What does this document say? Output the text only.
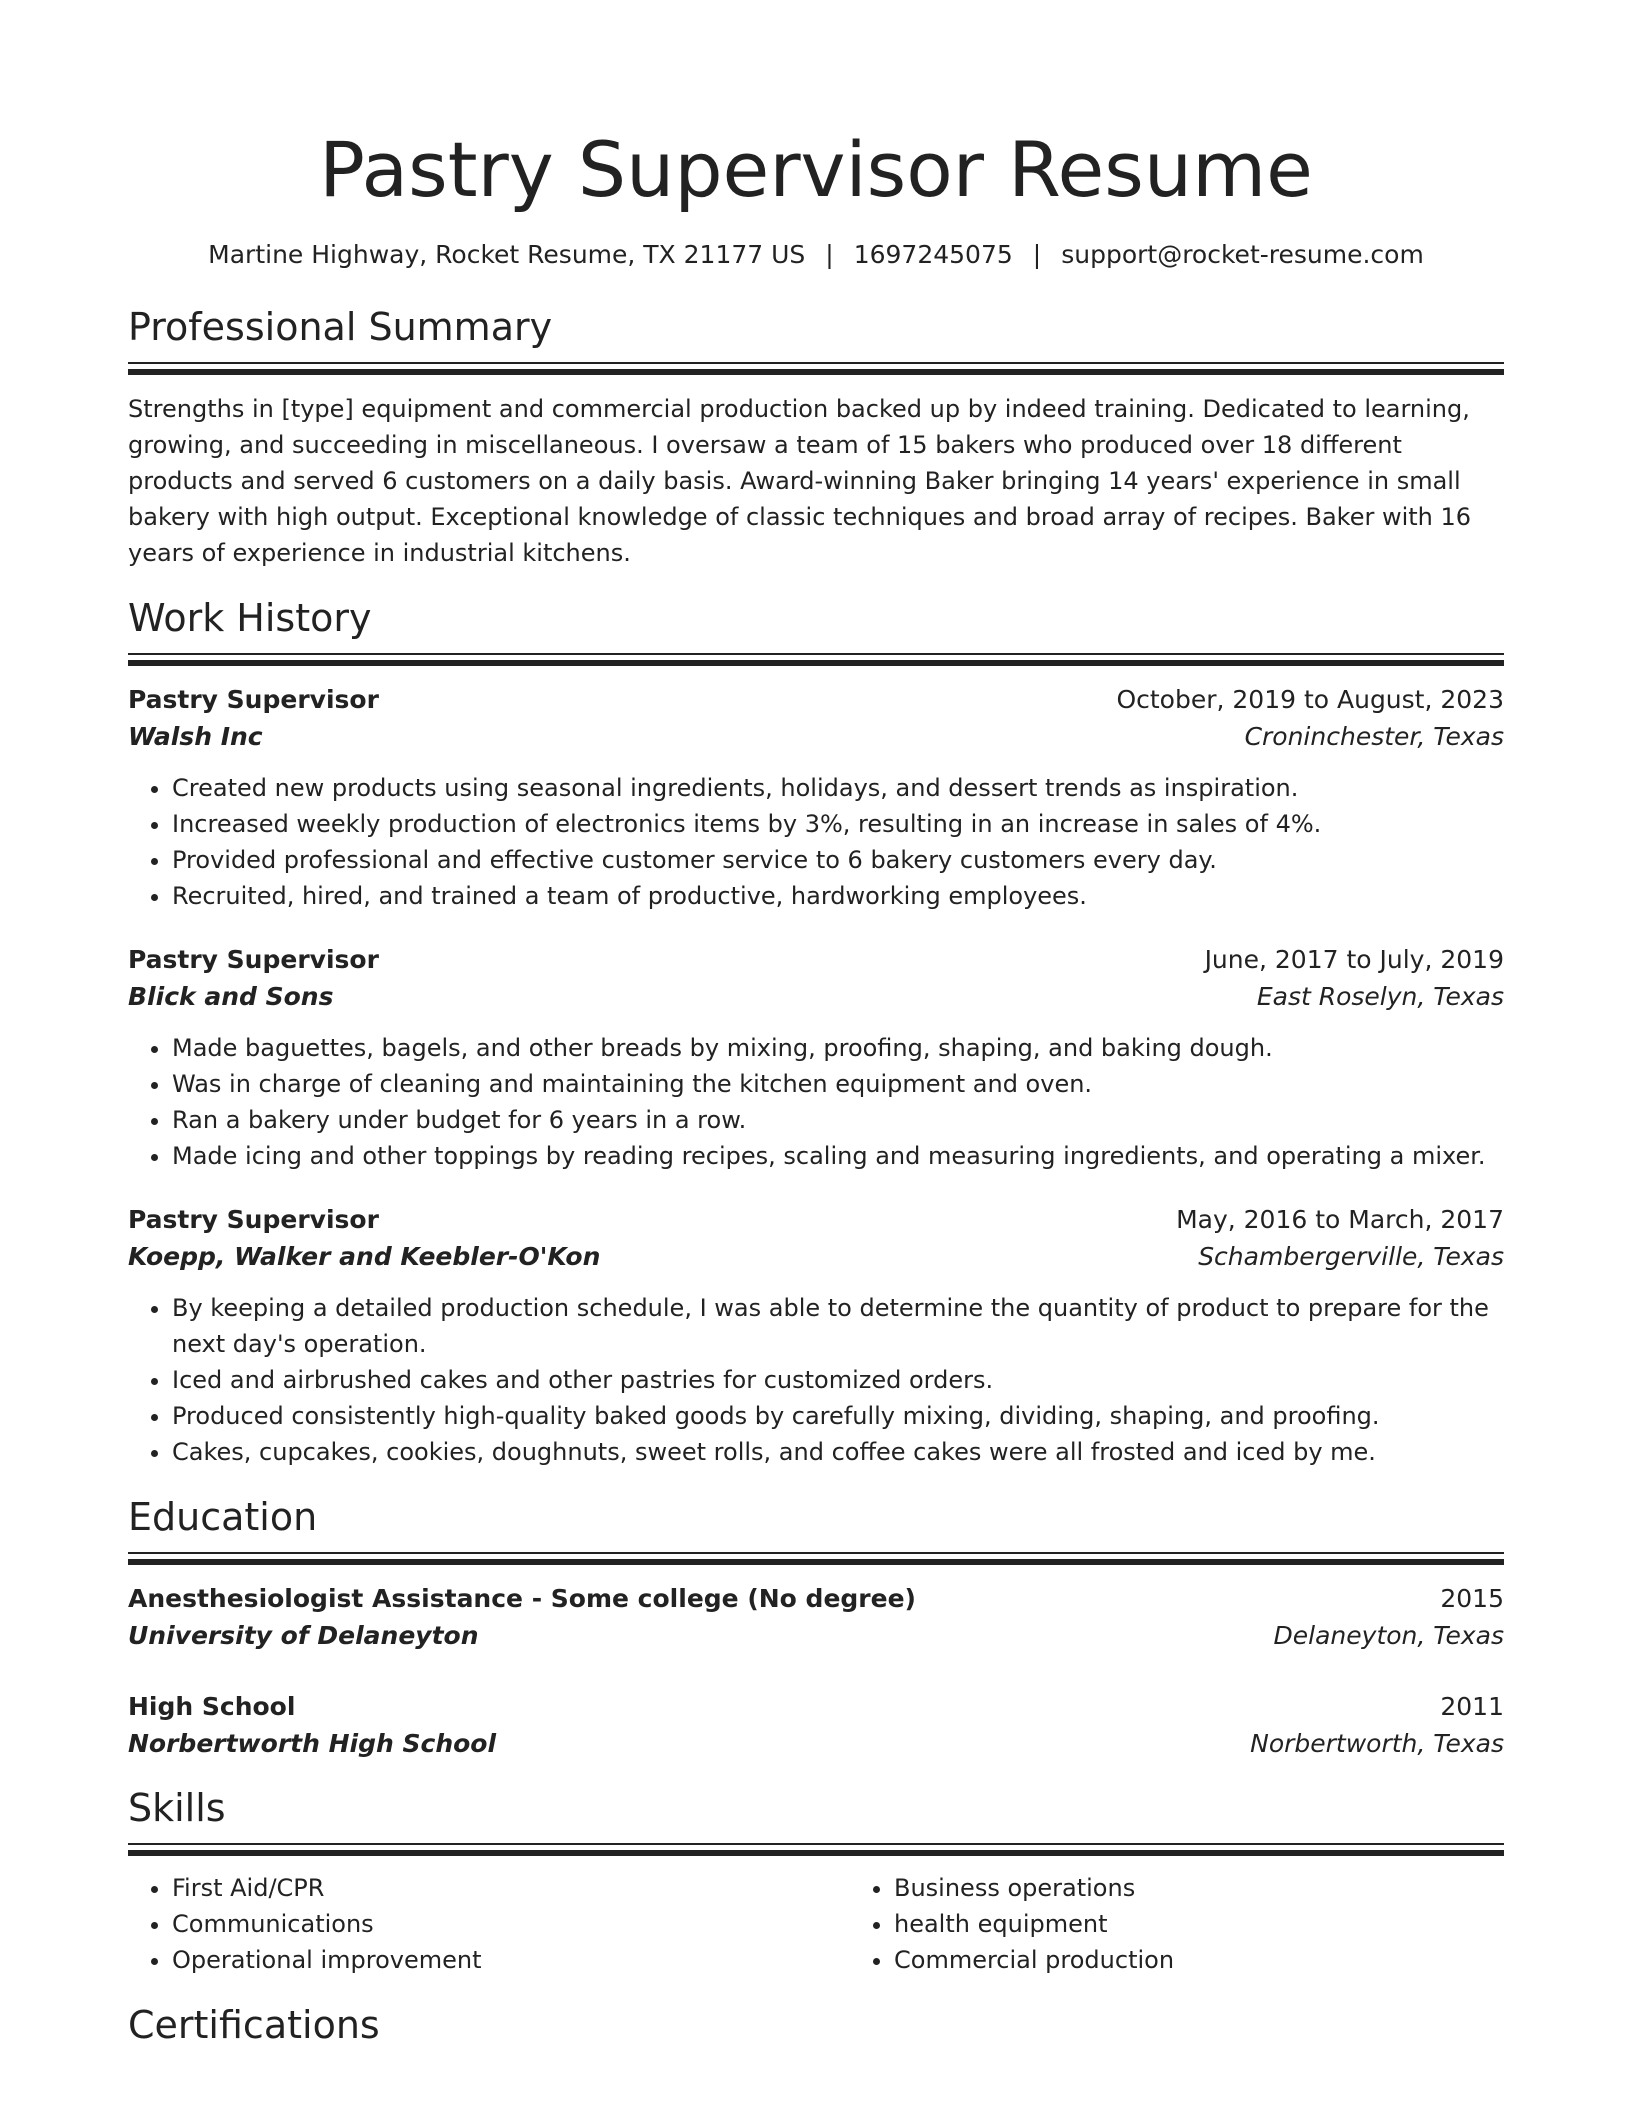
Pastry Supervisor Resume
Martine Highway, Rocket Resume, TX 21177 US | 1697245075 | support@rocket-resume.com
Professional Summary
Strengths in [type] equipment and commercial production backed up by indeed training. Dedicated to learning, growing, and succeeding in miscellaneous. I oversaw a team of 15 bakers who produced over 18 different products and served 6 customers on a daily basis. Award-winning Baker bringing 14 years' experience in small bakery with high output. Exceptional knowledge of classic techniques and broad array of recipes. Baker with 16 years of experience in industrial kitchens.
Work History
Pastry Supervisor	October, 2019 to August, 2023
Walsh Inc	Croninchester, Texas
• Created new products using seasonal ingredients, holidays, and dessert trends as inspiration.
• Increased weekly production of electronics items by 3%, resulting in an increase in sales of 4%.
• Provided professional and effective customer service to 6 bakery customers every day.
• Recruited, hired, and trained a team of productive, hardworking employees.
Pastry Supervisor	June, 2017 to July, 2019
Blick and Sons	East Roselyn, Texas
• Made baguettes, bagels, and other breads by mixing, proofing, shaping, and baking dough.
• Was in charge of cleaning and maintaining the kitchen equipment and oven.
• Ran a bakery under budget for 6 years in a row.
• Made icing and other toppings by reading recipes, scaling and measuring ingredients, and operating a mixer.
Pastry Supervisor	May, 2016 to March, 2017
Koepp, Walker and Keebler-O'Kon	Schambergerville, Texas
• By keeping a detailed production schedule, I was able to determine the quantity of product to prepare for the next day's operation.
• Iced and airbrushed cakes and other pastries for customized orders.
• Produced consistently high-quality baked goods by carefully mixing, dividing, shaping, and proofing.
• Cakes, cupcakes, cookies, doughnuts, sweet rolls, and coffee cakes were all frosted and iced by me.
Education
Anesthesiologist Assistance - Some college (No degree)	2015
University of Delaneyton	Delaneyton, Texas
High School	2011
Norbertworth High School	Norbertworth, Texas
Skills
• First Aid/CPR
• Communications
• Operational improvement
• Business operations
• health equipment
• Commercial production
Certifications
